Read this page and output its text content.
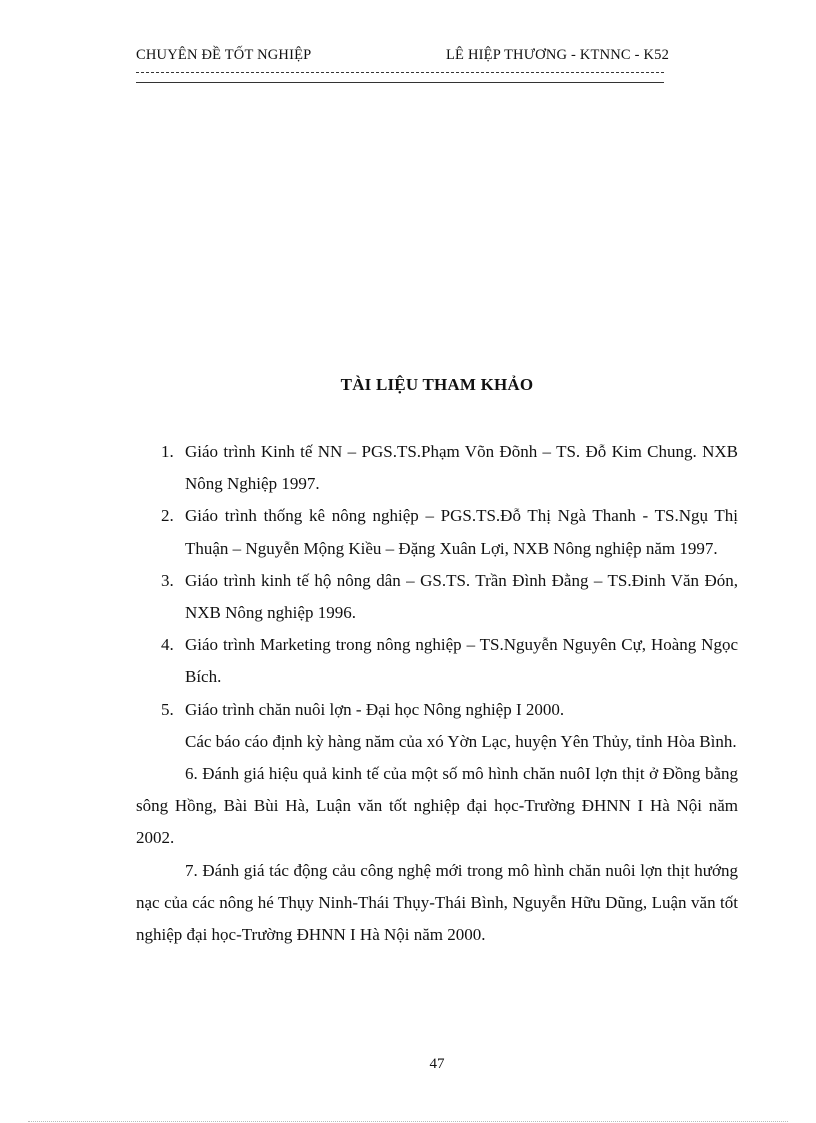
CHUYÊN ĐỀ TỐT NGHIỆP	LÊ HIỆP THƯƠNG - KTNNC - K52
TÀI LIỆU THAM KHẢO
1. Giáo trình Kinh tế NN – PGS.TS.Phạm Võn Đõnh – TS. Đỗ Kim Chung. NXB Nông Nghiệp 1997.
2. Giáo trình thống kê nông nghiệp – PGS.TS.Đỗ Thị Ngà Thanh - TS.Ngụ Thị Thuận – Nguyễn Mộng Kiều – Đặng Xuân Lợi, NXB Nông nghiệp năm 1997.
3. Giáo trình kinh tế hộ nông dân – GS.TS. Trần Đình Đằng – TS.Đinh Văn Đón, NXB Nông nghiệp 1996.
4. Giáo trình Marketing trong nông nghiệp – TS.Nguyễn Nguyên Cự, Hoàng Ngọc Bích.
5. Giáo trình chăn nuôi lợn - Đại học Nông nghiệp I 2000.
Các báo cáo định kỳ hàng năm của xó Yờn Lạc, huyện Yên Thủy, tỉnh Hòa Bình.
6. Đánh giá hiệu quả kinh tế của một số mô hình chăn nuôI lợn thịt ở Đồng bằng sông Hồng, Bài Bùi Hà, Luận văn tốt nghiệp đại học-Trường ĐHNN I Hà Nội năm 2002.
7. Đánh giá tác động cảu công nghệ mới trong mô hình chăn nuôi lợn thịt hướng nạc của các nông hé Thụy Ninh-Thái Thụy-Thái Bình, Nguyễn Hữu Dũng, Luận văn tốt nghiệp đại học-Trường ĐHNN I Hà Nội năm 2000.
47
